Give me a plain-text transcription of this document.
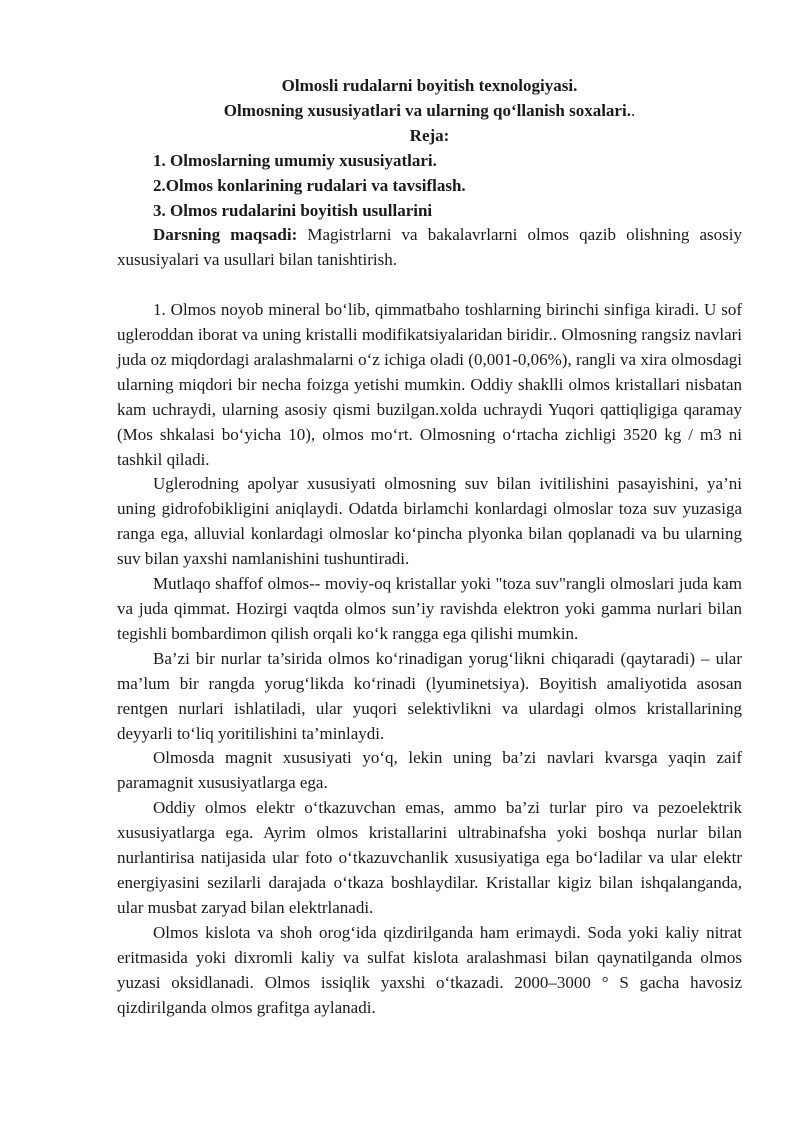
Olmosli rudalarni boyitish texnologiyasi.
Olmosning xususiyatlari va ularning qo‘llanish soxalari..
Reja:
1. Olmoslarning umumiy xususiyatlari.
2.Olmos konlarining rudalari va tavsiflash.
3. Olmos rudalarini boyitish usullarini

Darsning maqsadi: Magistrlarni va bakalavrlarni olmos qazib olishning asosiy xususiyalari va usullari bilan tanishtirish.

1. Olmos noyob mineral bo‘lib, qimmatbaho toshlarning birinchi sinfiga kiradi. U sof ugleroddan iborat va uning kristalli modifikatsiyalaridan biridir.. Olmosning rangsiz navlari juda oz miqdordagi aralashmalarni o‘z ichiga oladi (0,001-0,06%), rangli va xira olmosdagi ularning miqdori bir necha foizga yetishi mumkin. Oddiy shaklli olmos kristallari nisbatan kam uchraydi, ularning asosiy qismi buzilgan.xolda uchraydi Yuqori qattiqligiga qaramay (Mos shkalasi bo‘yicha 10), olmos mo‘rt. Olmosning o‘rtacha zichligi 3520 kg / m3 ni tashkil qiladi.

Uglerodning apolyar xususiyati olmosning suv bilan ivitilishini pasayishini, ya’ni uning gidrofobikligini aniqlaydi. Odatda birlamchi konlardagi olmoslar toza suv yuzasiga ranga ega, alluvial konlardagi olmoslar ko‘pincha plyonka bilan qoplanadi va bu ularning suv bilan yaxshi namlanishini tushuntiradi.

Mutlaqo shaffof olmos-- moviy-oq kristallar yoki "toza suv"rangli olmoslari juda kam va juda qimmat. Hozirgi vaqtda olmos sun’iy ravishda elektron yoki gamma nurlari bilan tegishli bombardimon qilish orqali ko‘k rangga ega qilishi mumkin.

Ba’zi bir nurlar ta’sirida olmos ko‘rinadigan yorug‘likni chiqaradi (qaytaradi) – ular ma’lum bir rangda yorug‘likda ko‘rinadi (lyuminetsiya). Boyitish amaliyotida asosan rentgen nurlari ishlatiladi, ular yuqori selektivlikni va ulardagi olmos kristallarining deyyarli to‘liq yoritilishini ta’minlaydi.

Olmosda magnit xususiyati yo‘q, lekin uning ba’zi navlari kvarsga yaqin zaif paramagnit xususiyatlarga ega.

Oddiy olmos elektr o‘tkazuvchan emas, ammo ba’zi turlar piro va pezoelektrik xususiyatlarga ega. Ayrim olmos kristallarini ultrabinafsha yoki boshqa nurlar bilan nurlantirisa natijasida ular foto o‘tkazuvchanlik xususiyatiga ega bo‘ladilar va ular elektr energiyasini sezilarli darajada o‘tkaza boshlaydilar. Kristallar kigiz bilan ishqalanganda, ular musbat zaryad bilan elektrlanadi.

Olmos kislota va shoh orog‘ida qizdirilganda ham erimaydi. Soda yoki kaliy nitrat eritmasida yoki dixromli kaliy va sulfat kislota aralashmasi bilan qaynatilganda olmos yuzasi oksidlanadi. Olmos issiqlik yaxshi o‘tkazadi. 2000–3000 ° S gacha havosiz qizdirilganda olmos grafitga aylanadi.
